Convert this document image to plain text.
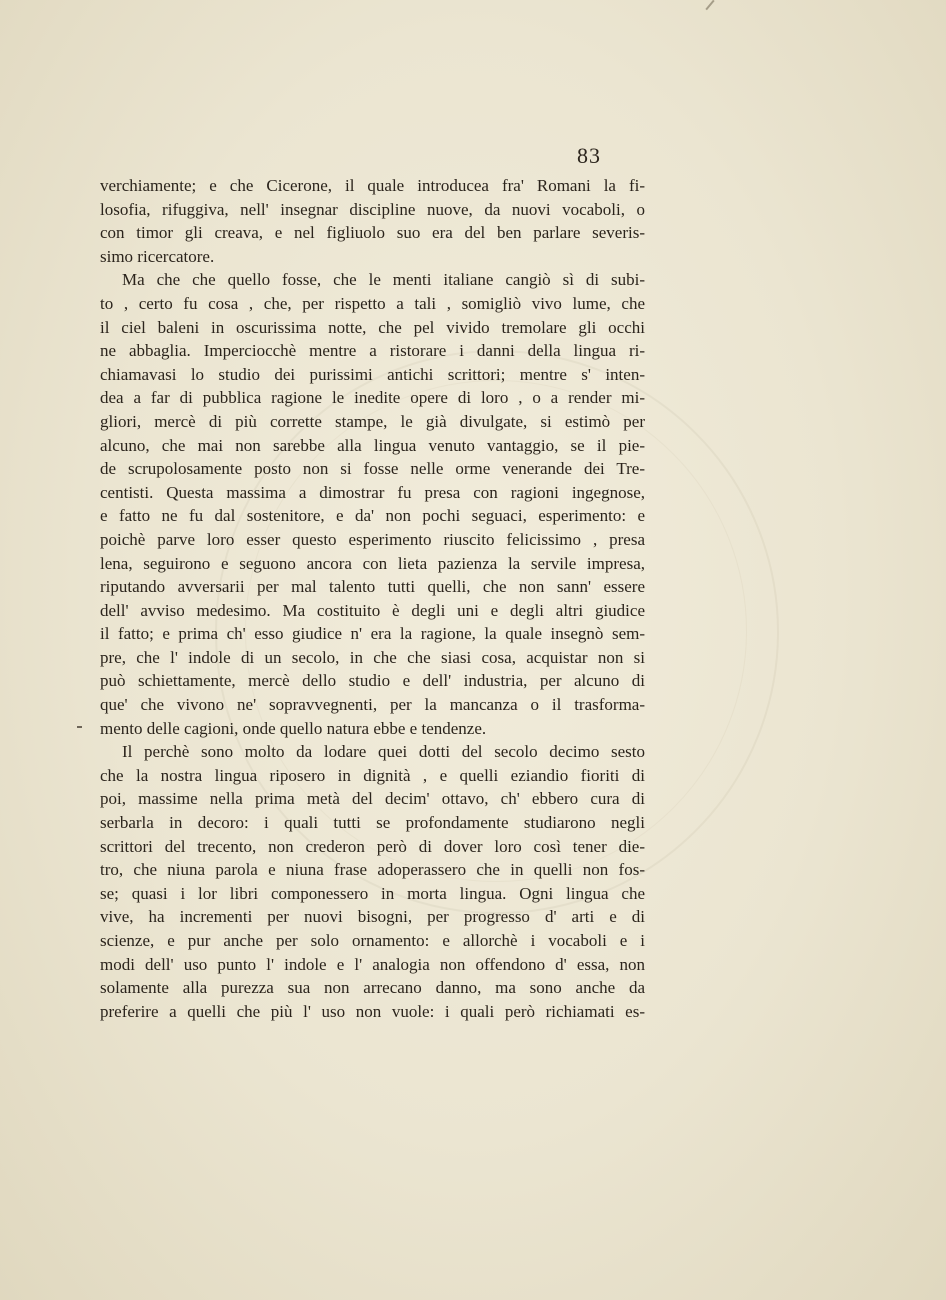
83
verchiamente; e che Cicerone, il quale introducea fra' Romani la fi-
losofia, rifuggiva, nell' insegnar discipline nuove, da nuovi vocaboli, o
con timor gli creava, e nel figliuolo suo era del ben parlare severis-
simo ricercatore.
Ma che che quello fosse, che le menti italiane cangiò sì di subi-
to , certo fu cosa , che, per rispetto a tali , somigliò vivo lume, che
il ciel baleni in oscurissima notte, che pel vivido tremolare gli occhi
ne abbaglia. Imperciocchè mentre a ristorare i danni della lingua ri-
chiamavasi lo studio dei purissimi antichi scrittori; mentre s' inten-
dea a far di pubblica ragione le inedite opere di loro , o a render mi-
gliori, mercè di più corrette stampe, le già divulgate, si estimò per
alcuno, che mai non sarebbe alla lingua venuto vantaggio, se il pie-
de scrupolosamente posto non si fosse nelle orme venerande dei Tre-
centisti. Questa massima a dimostrar fu presa con ragioni ingegnose,
e fatto ne fu dal sostenitore, e da' non pochi seguaci, esperimento: e
poichè parve loro esser questo esperimento riuscito felicissimo , presa
lena, seguirono e seguono ancora con lieta pazienza la servile impresa,
riputando avversarii per mal talento tutti quelli, che non sann' essere
dell' avviso medesimo. Ma costituito è degli uni e degli altri giudice
il fatto; e prima ch' esso giudice n' era la ragione, la quale insegnò sem-
pre, che l' indole di un secolo, in che che siasi cosa, acquistar non si
può schiettamente, mercè dello studio e dell' industria, per alcuno di
que' che vivono ne' sopravvegnenti, per la mancanza o il trasforma-
mento delle cagioni, onde quello natura ebbe e tendenze.
Il perchè sono molto da lodare quei dotti del secolo decimo sesto
che la nostra lingua riposero in dignità , e quelli eziandio fioriti di
poi, massime nella prima metà del decim' ottavo, ch' ebbero cura di
serbarla in decoro: i quali tutti se profondamente studiarono negli
scrittori del trecento, non crederon però di dover loro così tener die-
tro, che niuna parola e niuna frase adoperassero che in quelli non fos-
se; quasi i lor libri componessero in morta lingua. Ogni lingua che
vive, ha incrementi per nuovi bisogni, per progresso d' arti e di
scienze, e pur anche per solo ornamento: e allorchè i vocaboli e i
modi dell' uso punto l' indole e l' analogia non offendono d' essa, non
solamente alla purezza sua non arrecano danno, ma sono anche da
preferire a quelli che più l' uso non vuole: i quali però richiamati es-
